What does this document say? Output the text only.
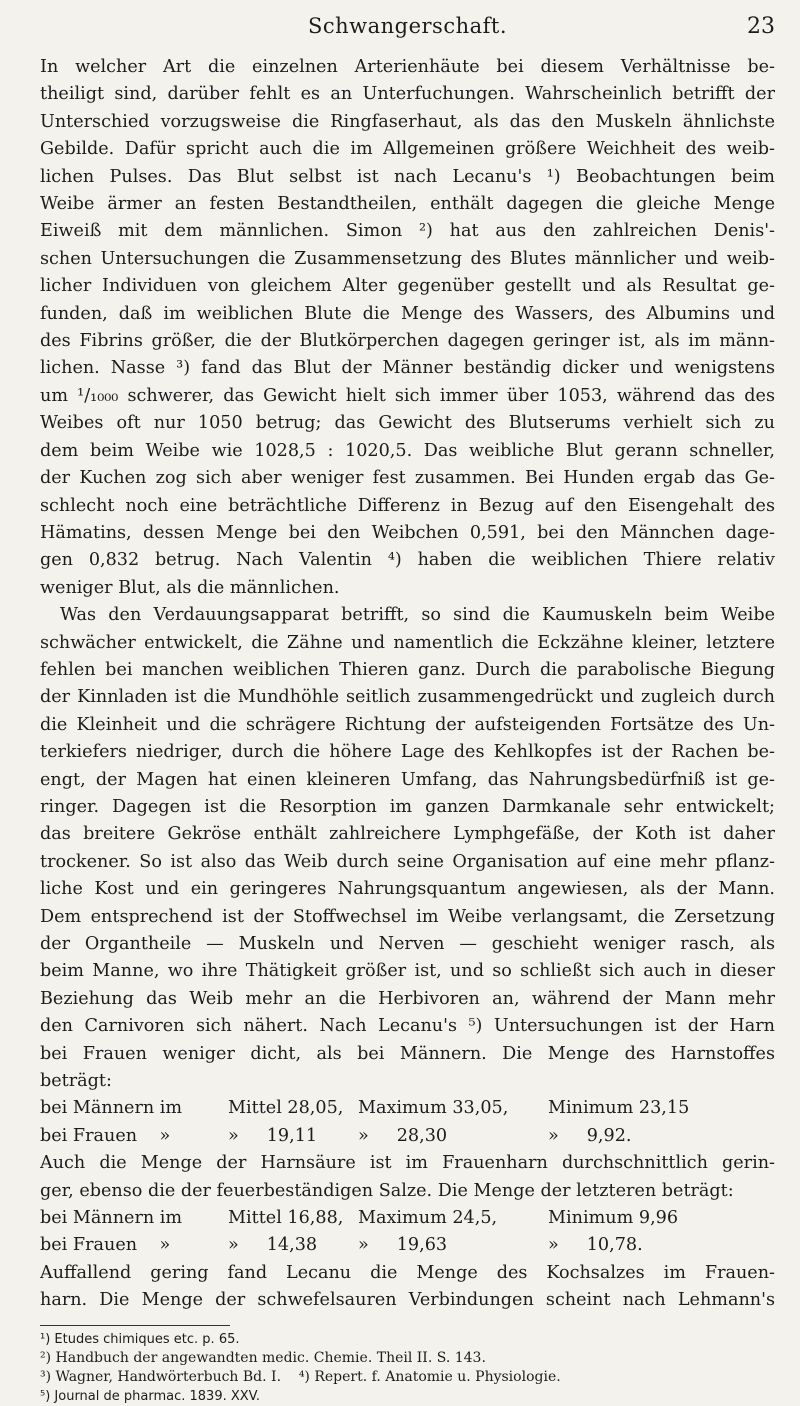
Schwangerschaft.	23
In welcher Art die einzelnen Arterienhäute bei diesem Verhältnisse be-
theiligt sind, darüber fehlt es an Unterfuchungen. Wahrscheinlich betrifft der
Unterschied vorzugsweise die Ringfaserhaut, als das den Muskeln ähnlichste
Gebilde. Dafür spricht auch die im Allgemeinen größere Weichheit des weib-
lichen Pulses. Das Blut selbst ist nach Lecanu's ¹) Beobachtungen beim
Weibe ärmer an festen Bestandtheilen, enthält dagegen die gleiche Menge
Eiweiß mit dem männlichen. Simon ²) hat aus den zahlreichen Denis'-
schen Untersuchungen die Zusammensetzung des Blutes männlicher und weib-
licher Individuen von gleichem Alter gegenüber gestellt und als Resultat ge-
funden, daß im weiblichen Blute die Menge des Wassers, des Albumins und
des Fibrins größer, die der Blutkörperchen dagegen geringer ist, als im männ-
lichen. Nasse ³) fand das Blut der Männer beständig dicker und wenigstens
um ¹/₁₀₀₀ schwerer, das Gewicht hielt sich immer über 1053, während das des
Weibes oft nur 1050 betrug; das Gewicht des Blutserums verhielt sich zu
dem beim Weibe wie 1028,5 : 1020,5. Das weibliche Blut gerann schneller,
der Kuchen zog sich aber weniger fest zusammen. Bei Hunden ergab das Ge-
schlecht noch eine beträchtliche Differenz in Bezug auf den Eisengehalt des
Hämatins, dessen Menge bei den Weibchen 0,591, bei den Männchen dage-
gen 0,832 betrug. Nach Valentin ⁴) haben die weiblichen Thiere relativ
weniger Blut, als die männlichen.
Was den Verdauungsapparat betrifft, so sind die Kaumuskeln beim Weibe
schwächer entwickelt, die Zähne und namentlich die Eckzähne kleiner, letztere
fehlen bei manchen weiblichen Thieren ganz. Durch die parabolische Biegung
der Kinnladen ist die Mundhöhle seitlich zusammengedrückt und zugleich durch
die Kleinheit und die schrägere Richtung der aufsteigenden Fortsätze des Un-
terkiefers niedriger, durch die höhere Lage des Kehlkopfes ist der Rachen be-
engt, der Magen hat einen kleineren Umfang, das Nahrungsbedürfniß ist ge-
ringer. Dagegen ist die Resorption im ganzen Darmkanale sehr entwickelt;
das breitere Gekröse enthält zahlreichere Lymphgefäße, der Koth ist daher
trockener. So ist also das Weib durch seine Organisation auf eine mehr pflanz-
liche Kost und ein geringeres Nahrungsquantum angewiesen, als der Mann.
Dem entsprechend ist der Stoffwechsel im Weibe verlangsamt, die Zersetzung
der Organtheile — Muskeln und Nerven — geschieht weniger rasch, als
beim Manne, wo ihre Thätigkeit größer ist, und so schließt sich auch in dieser
Beziehung das Weib mehr an die Herbivoren an, während der Mann mehr
den Carnivoren sich nähert. Nach Lecanu's ⁵) Untersuchungen ist der Harn
bei Frauen weniger dicht, als bei Männern. Die Menge des Harnstoffes
beträgt:
bei Männern im	Mittel 28,05, Maximum 33,05,	Minimum 23,15
bei Frauen    »	»     19,11	»     28,30	»     9,92.
Auch die Menge der Harnsäure ist im Frauenharn durchschnittlich gerin-
ger, ebenso die der feuerbeständigen Salze. Die Menge der letzteren beträgt:
bei Männern im	Mittel 16,88, Maximum 24,5,	Minimum 9,96
bei Frauen    »	»     14,38	»     19,63	»     10,78.
Auffallend gering fand Lecanu die Menge des Kochsalzes im Frauen-
harn. Die Menge der schwefelsauren Verbindungen scheint nach Lehmann's
¹) Etudes chimiques etc. p. 65.
²) Handbuch der angewandten medic. Chemie. Theil II. S. 143.
³) Wagner, Handwörterbuch Bd. I.    ⁴) Repert. f. Anatomie u. Physiologie.
⁵) Journal de pharmac. 1839. XXV.
